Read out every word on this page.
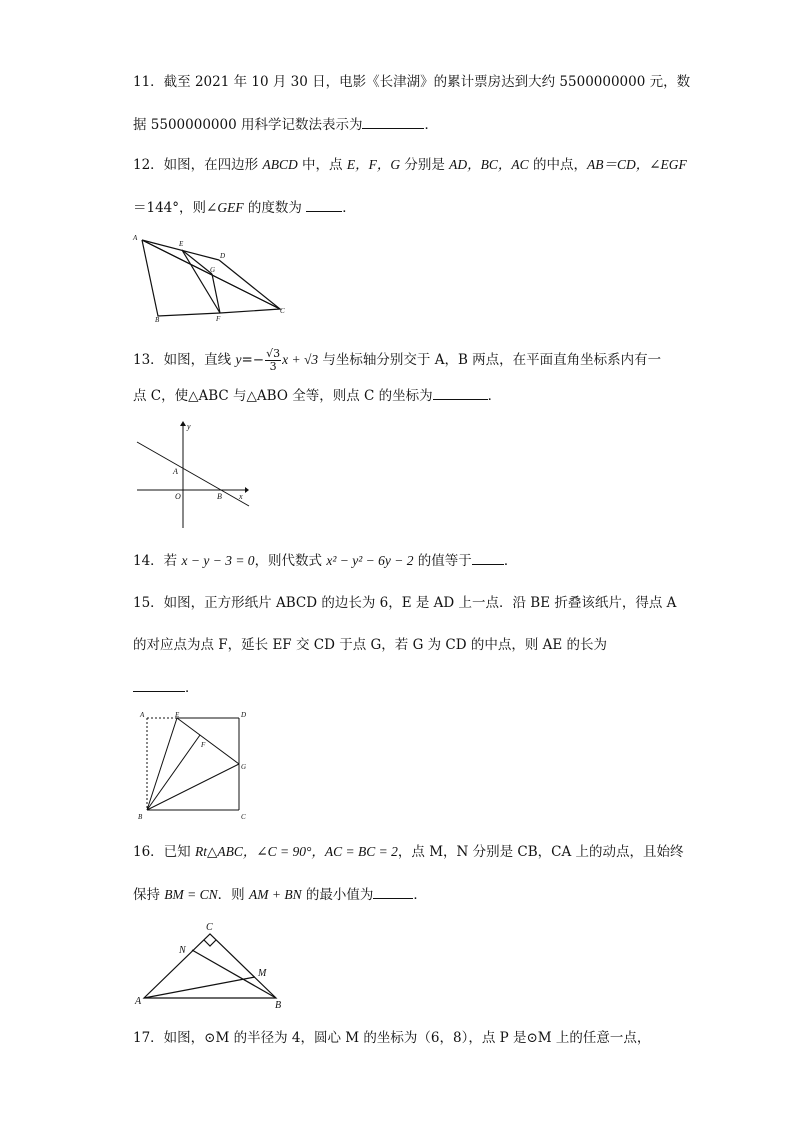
11．截至 2021 年 10 月 30 日，电影《长津湖》的累计票房达到大约 5500000000 元，数
据 5500000000 用科学记数法表示为	．
12．如图，在四边形 ABCD 中，点 E，F，G 分别是 AD，BC，AC 的中点，AB＝CD，∠EGF
＝144°，则∠GEF 的度数为	．
A
E
D
G
B	F
C
13．如图，直线 $y=- \frac{√3}{3}$ x + √3 与坐标轴分别交于 A，B 两点，在平面直角坐标系内有一
点 C，使△ABC 与△ABO 全等，则点 C 的坐标为	．
y
A
O	B x
14．若 x − y − 3 = 0，则代数式 x² − y² − 6y − 2 的值等于 ．
15．如图，正方形纸片 ABCD 的边长为 6，E 是 AD 上一点．沿 BE 折叠该纸片，得点 A
的对应点为点 F，延长 EF 交 CD 于点 G，若 G 为 CD 的中点，则 AE 的长为
．
A	E	D
F
G
B	C
16．已知 Rt△ABC，∠C = 90°，AC = BC = 2，点 M，N 分别是 CB，CA 上的动点，且始终
保持 BM = CN．则 AM + BN 的最小值为	．
C
N
M
A	B
17．如图，⊙M 的半径为 4，圆心 M 的坐标为（6，8），点 P 是⊙M 上的任意一点，
